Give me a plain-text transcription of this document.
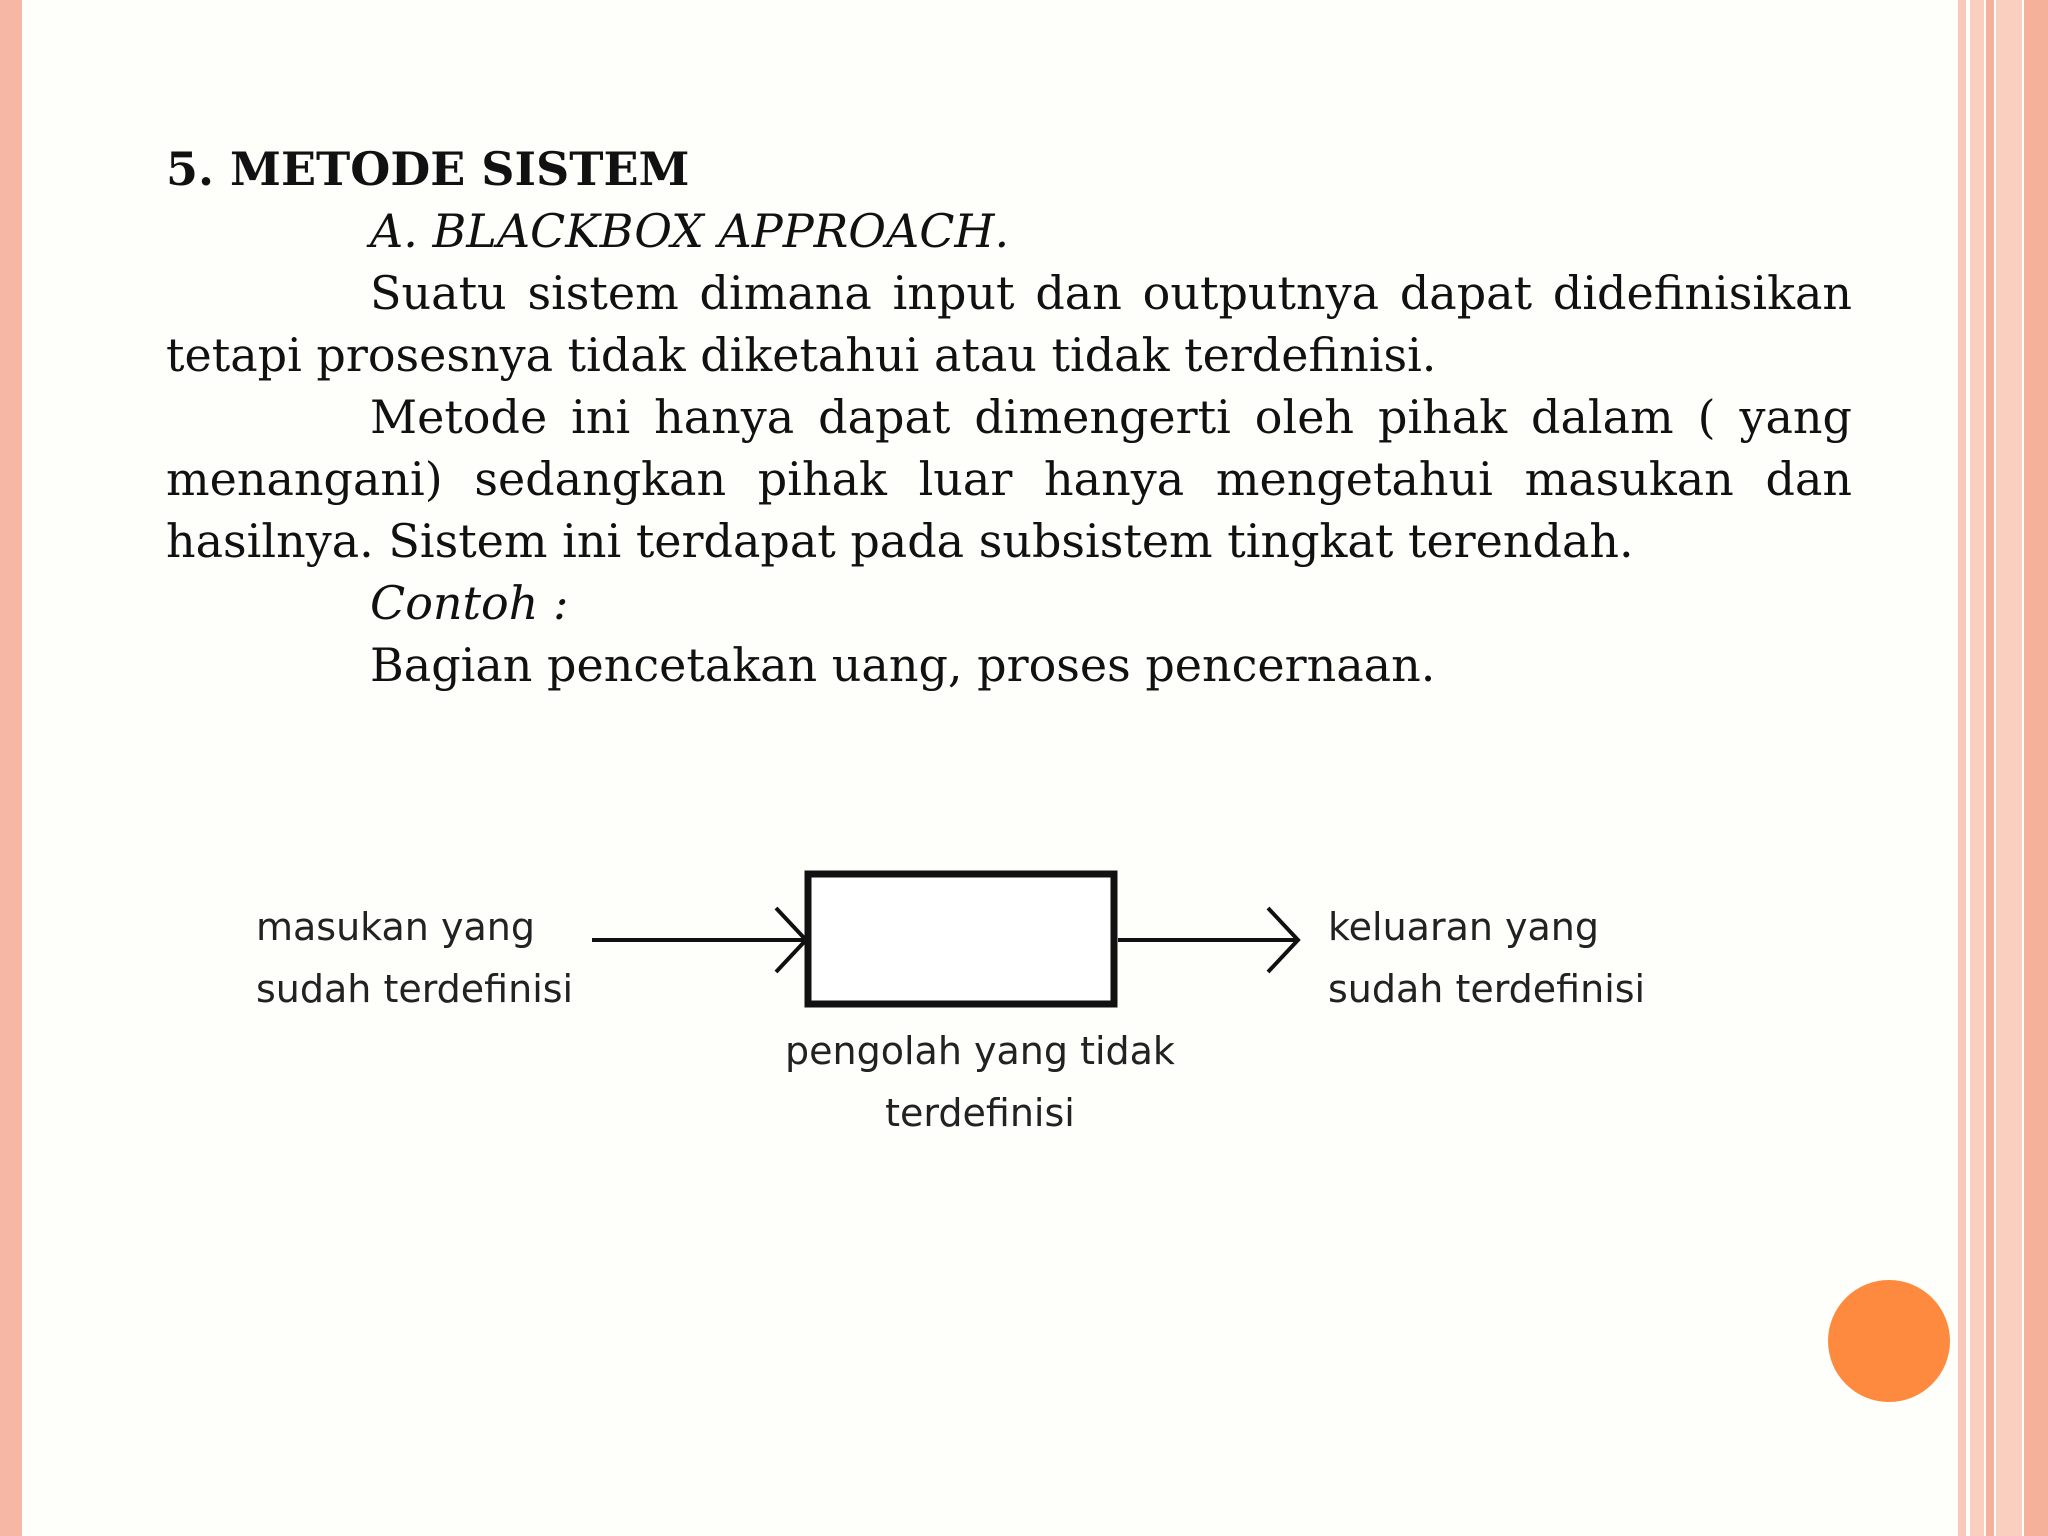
5. METODE SISTEM

A. BLACKBOX APPROACH.

Suatu sistem dimana input dan outputnya dapat didefinisikan tetapi prosesnya tidak diketahui atau tidak terdefinisi.

Metode ini hanya dapat dimengerti oleh pihak dalam ( yang menangani) sedangkan pihak luar hanya mengetahui masukan dan hasilnya. Sistem ini terdapat pada subsistem tingkat terendah.

Contoh :

Bagian pencetakan uang, proses pencernaan.

masukan yang
sudah terdefinisi
pengolah yang tidak
terdefinisi
keluaran yang
sudah terdefinisi
